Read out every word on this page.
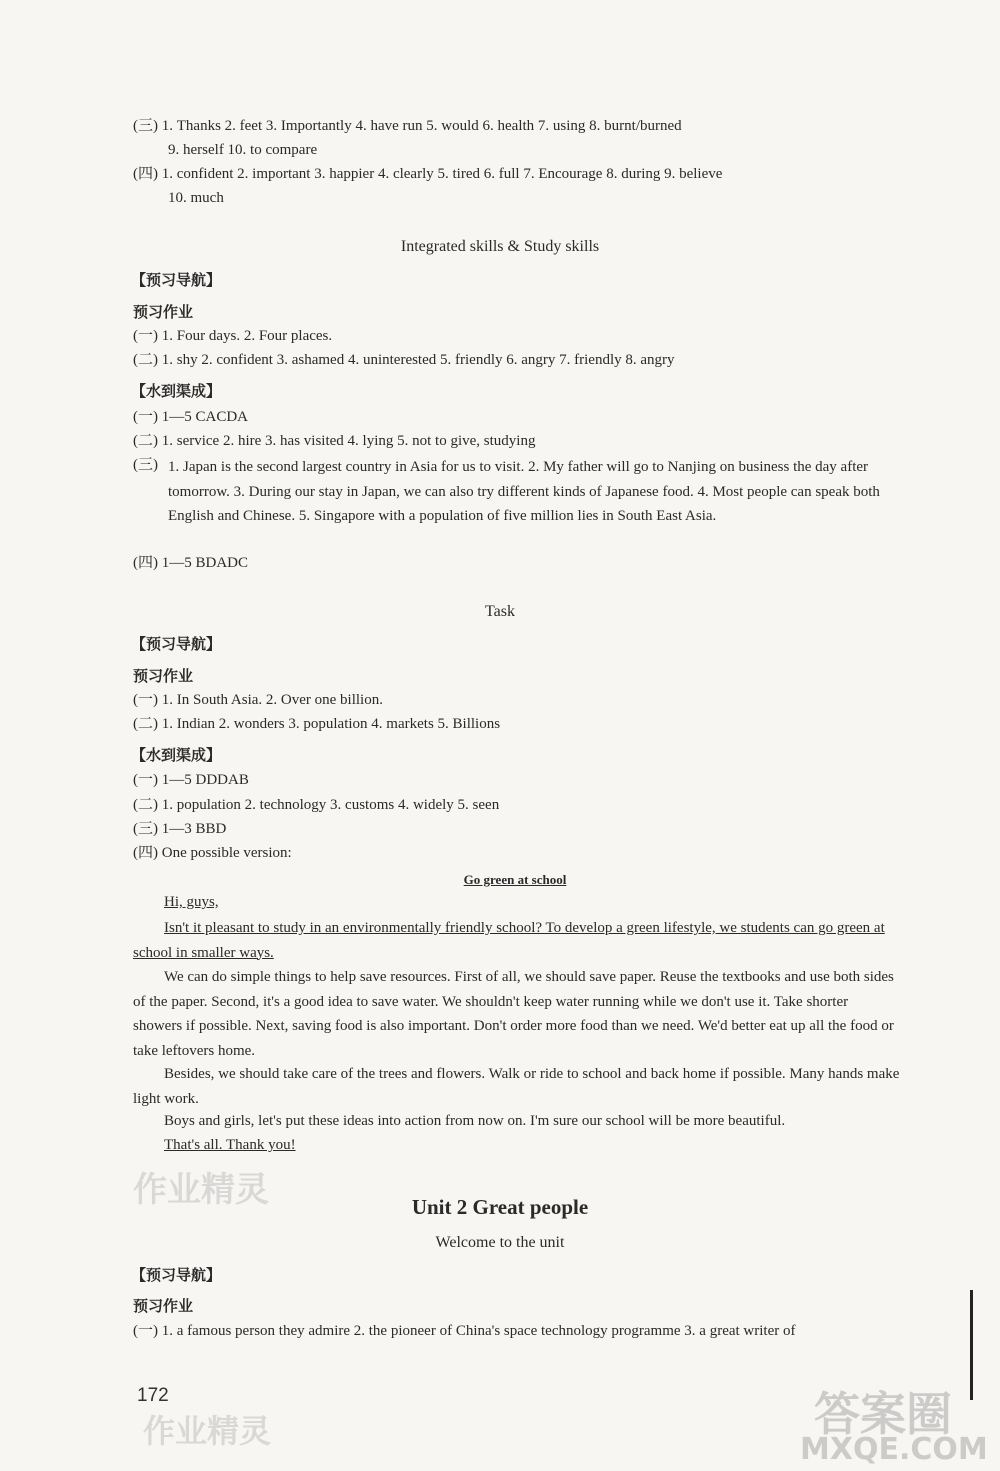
(三) 1. Thanks 2. feet 3. Importantly 4. have run 5. would 6. health 7. using 8. burnt/burned
9. herself 10. to compare
(四) 1. confident 2. important 3. happier 4. clearly 5. tired 6. full 7. Encourage 8. during 9. believe
10. much
Integrated skills & Study skills
【预习导航】
预习作业
(一) 1. Four days. 2. Four places.
(二) 1. shy 2. confident 3. ashamed 4. uninterested 5. friendly 6. angry 7. friendly 8. angry
【水到渠成】
(一) 1—5 CACDA
(二) 1. service 2. hire 3. has visited 4. lying 5. not to give, studying
(三) 1. Japan is the second largest country in Asia for us to visit. 2. My father will go to Nanjing on business the day after tomorrow. 3. During our stay in Japan, we can also try different kinds of Japanese food. 4. Most people can speak both English and Chinese. 5. Singapore with a population of five million lies in South East Asia.
(四) 1—5 BDADC
Task
【预习导航】
预习作业
(一) 1. In South Asia. 2. Over one billion.
(二) 1. Indian 2. wonders 3. population 4. markets 5. Billions
【水到渠成】
(一) 1—5 DDDAB
(二) 1. population 2. technology 3. customs 4. widely 5. seen
(三) 1—3 BBD
(四) One possible version:
Go green at school
Hi, guys,
Isn't it pleasant to study in an environmentally friendly school? To develop a green lifestyle, we students can go green at school in smaller ways.
We can do simple things to help save resources. First of all, we should save paper. Reuse the textbooks and use both sides of the paper. Second, it's a good idea to save water. We shouldn't keep water running while we don't use it. Take shorter showers if possible. Next, saving food is also important. Don't order more food than we need. We'd better eat up all the food or take leftovers home.
Besides, we should take care of the trees and flowers. Walk or ride to school and back home if possible. Many hands make light work.
Boys and girls, let's put these ideas into action from now on. I'm sure our school will be more beautiful.
That's all. Thank you!
Unit 2 Great people
Welcome to the unit
【预习导航】
预习作业
(一) 1. a famous person they admire 2. the pioneer of China's space technology programme 3. a great writer of
172
作业精灵
作业精灵	答案圈
MXQE.COM
